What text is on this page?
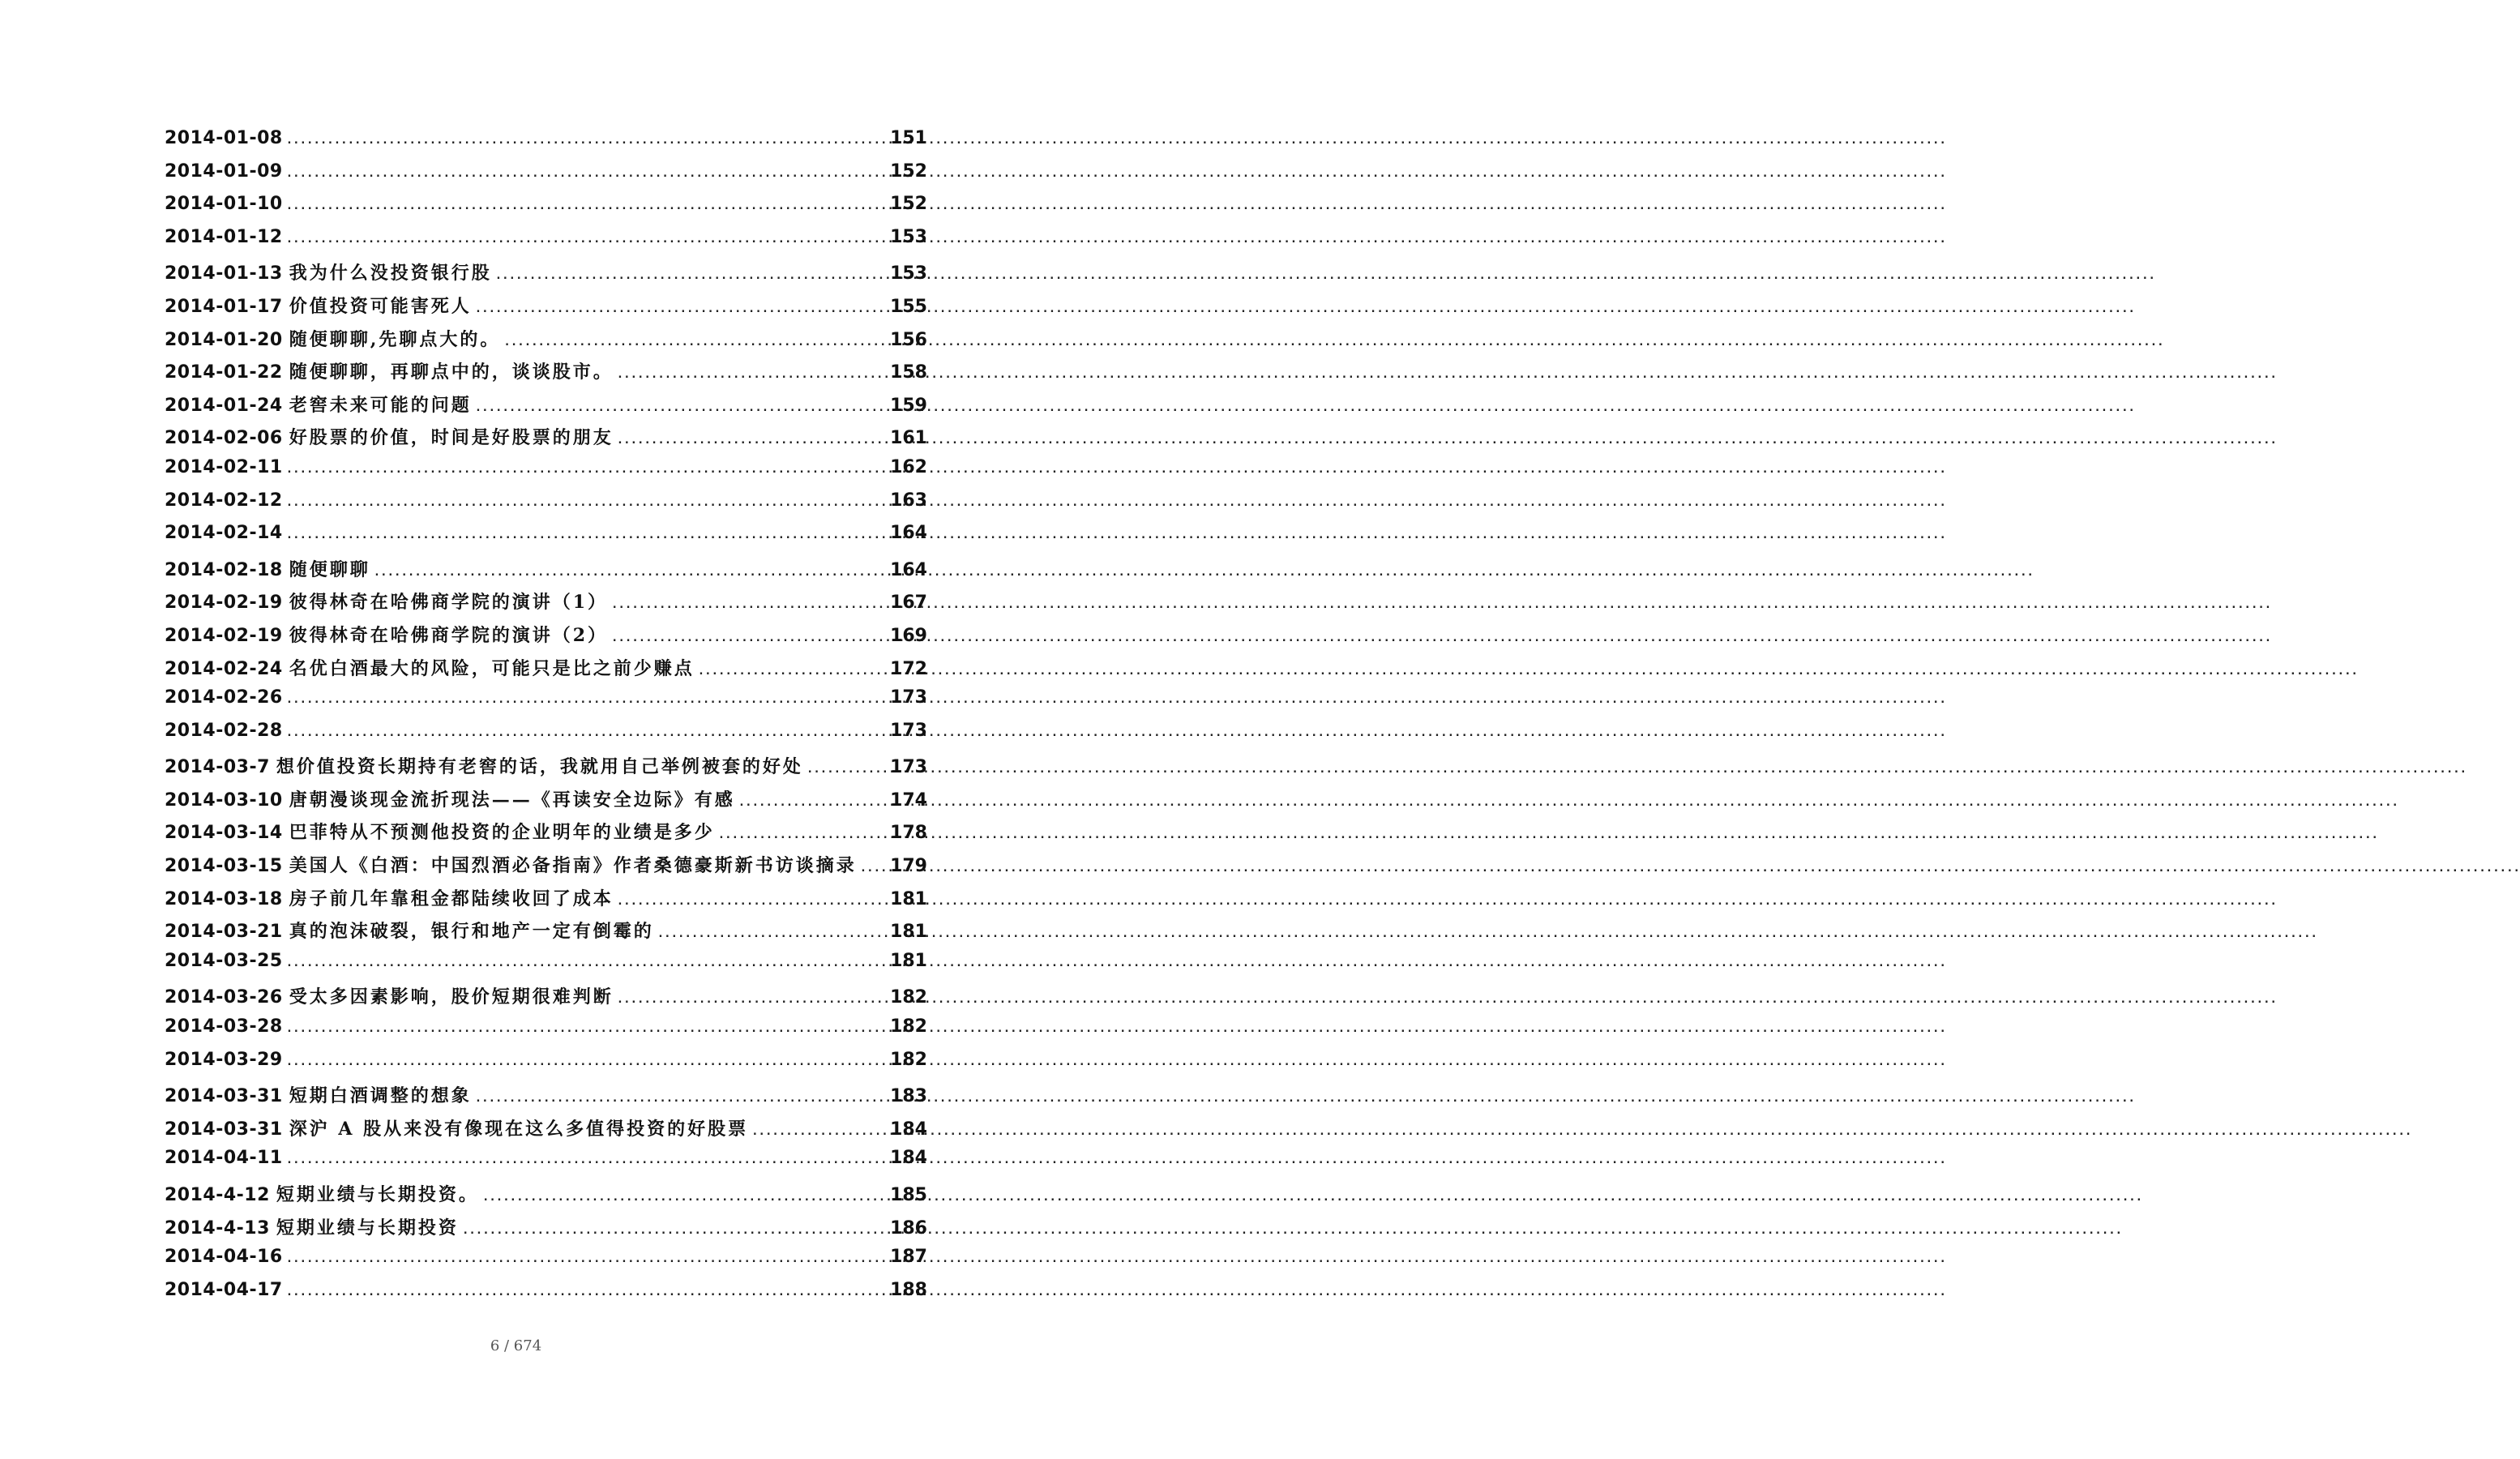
2014-01-08 .....	151
2014-01-09 .....	152
2014-01-10 .....	152
2014-01-12 .....	153
2014-01-13 我为什么没投资银行股 .....	153
2014-01-17 价值投资可能害死人 .....	155
2014-01-20 随便聊聊,先聊点大的。 .....	156
2014-01-22 随便聊聊，再聊点中的，谈谈股市。 .....	158
2014-01-24 老窖未来可能的问题 .....	159
2014-02-06 好股票的价值，时间是好股票的朋友 .....	161
2014-02-11 .....	162
2014-02-12 .....	163
2014-02-14 .....	164
2014-02-18 随便聊聊 .....	164
2014-02-19 彼得林奇在哈佛商学院的演讲（1） .....	167
2014-02-19 彼得林奇在哈佛商学院的演讲（2） .....	169
2014-02-24 名优白酒最大的风险，可能只是比之前少赚点 .....	172
2014-02-26 .....	173
2014-02-28 .....	173
2014-03-7 想价值投资长期持有老窖的话，我就用自己举例被套的好处 .....	173
2014-03-10 唐朝漫谈现金流折现法——《再读安全边际》有感 .....	174
2014-03-14 巴菲特从不预测他投资的企业明年的业绩是多少 .....	178
2014-03-15 美国人《白酒：中国烈酒必备指南》作者桑德豪斯新书访谈摘录 ..... 179
2014-03-18 房子前几年靠租金都陆续收回了成本 .....	181
2014-03-21 真的泡沫破裂，银行和地产一定有倒霉的 .....	181
2014-03-25 .....	181
2014-03-26 受太多因素影响，股价短期很难判断 .....	182
2014-03-28 .....	182
2014-03-29 .....	182
2014-03-31 短期白酒调整的想象 .....	183
2014-03-31 深沪 A 股从来没有像现在这么多值得投资的好股票 .....	184
2014-04-11 .....	184
2014-4-12 短期业绩与长期投资。 .....	185
2014-4-13 短期业绩与长期投资 .....	186
2014-04-16 .....	187
2014-04-17 .....	188
6 / 674
